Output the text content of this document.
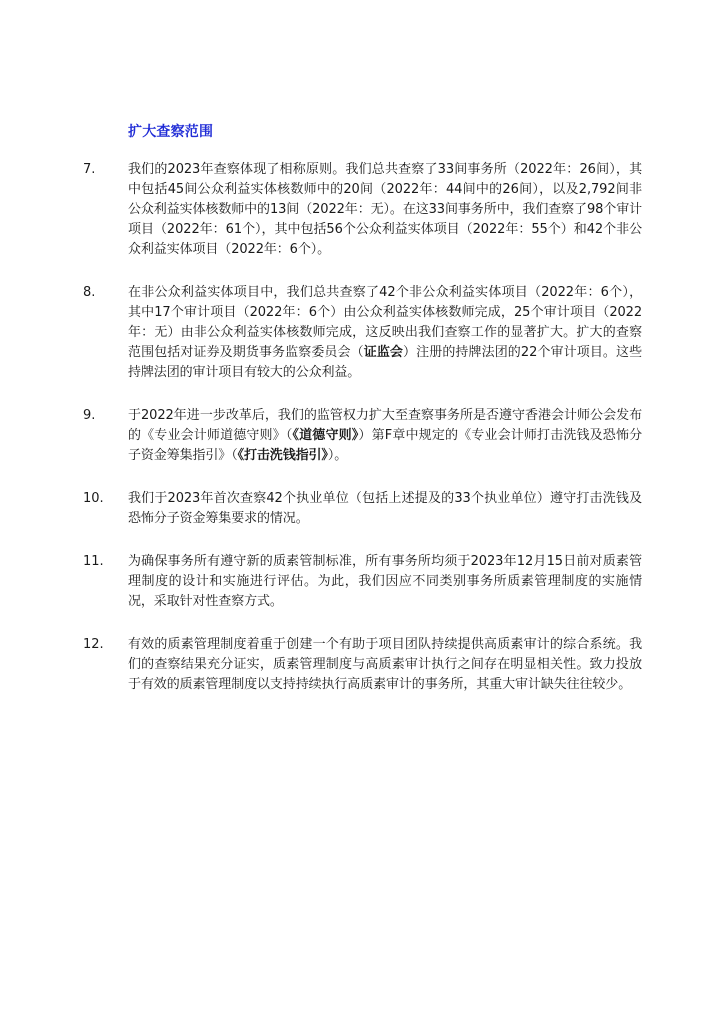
扩大查察范围
7.	我们的2023年查察体现了相称原则。我们总共查察了33间事务所（2022年：26间），其中包括45间公众利益实体核数师中的20间（2022年：44间中的26间），以及2,792间非公众利益实体核数师中的13间（2022年：无）。在这33间事务所中，我们查察了98个审计项目（2022年：61个），其中包括56个公众利益实体项目（2022年：55个）和42个非公众利益实体项目（2022年：6个）。
8.	在非公众利益实体项目中，我们总共查察了42个非公众利益实体项目（2022年：6个），其中17个审计项目（2022年：6个）由公众利益实体核数师完成，25个审计项目（2022年：无）由非公众利益实体核数师完成，这反映出我们查察工作的显著扩大。扩大的查察范围包括对证券及期货事务监察委员会（证监会）注册的持牌法团的22个审计项目。这些持牌法团的审计项目有较大的公众利益。
9.	于2022年进一步改革后，我们的监管权力扩大至查察事务所是否遵守香港会计师公会发布的《专业会计师道德守则》（《道德守则》）第F章中规定的《专业会计师打击洗钱及恐怖分子资金筹集指引》（《打击洗钱指引》）。
10.	我们于2023年首次查察42个执业单位（包括上述提及的33个执业单位）遵守打击洗钱及恐怖分子资金筹集要求的情况。
11.	为确保事务所有遵守新的质素管制标准，所有事务所均须于2023年12月15日前对质素管理制度的设计和实施进行评估。为此，我们因应不同类别事务所质素管理制度的实施情况，采取针对性查察方式。
12.	有效的质素管理制度着重于创建一个有助于项目团队持续提供高质素审计的综合系统。我们的查察结果充分证实，质素管理制度与高质素审计执行之间存在明显相关性。致力投放于有效的质素管理制度以支持持续执行高质素审计的事务所，其重大审计缺失往往较少。
